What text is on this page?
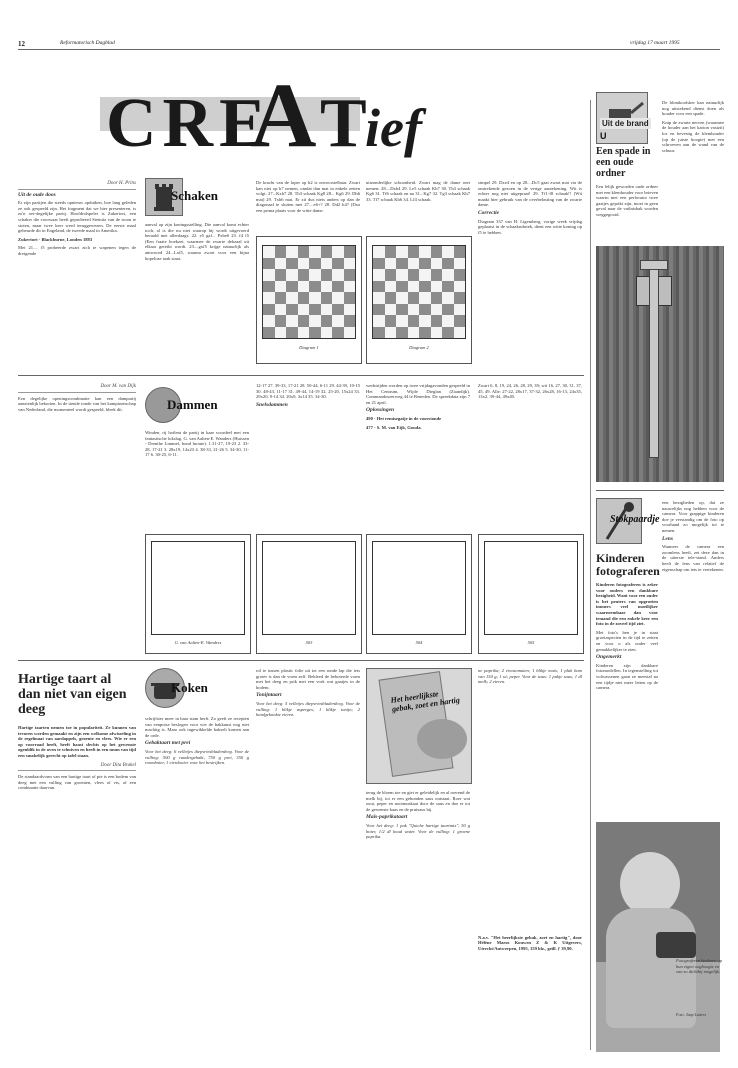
12	Reformatorisch Dagblad	vrijdag 17 maart 1995
CRE
A T
ief
Schaken
Door H. Prins
Uit de oude doos

Er zijn partijen die steeds opnieuw opduiken, hoe lang geleden ze ook gespeeld zijn. Het fragment dat we hier presenteren, is zo'n oer-degelijke partij. Hoofdrolspeler is Zukertort, een schaker die voorwaar heeft geprobeerd Steinitz van de troon te stoten, maar twee keer werd teruggewezen. De eerste maal gebeurde dit in Engeland, de tweede maal in Amerika.

Zukertort - Blackburne, Londen 1883

Met 21.... f5 probeerde zwart zich te wapenen tegen de dreigende

aanval op zijn koningsstelling. Die aanval komt echter toch, al is die nu niet waarop hij wordt uitgevoerd beraald met allerdaags. 22. e5 gaf... Pxbe6 23. f4 f5 (Een fraaie hoekzet, waarmee de zwarte dekzaal uit elkaar gereikt wordt. 23....gxf5 krijge natuurlijk als antwoord 24...Lxf5, waarna zwart voor een bijna hopeloze taak staat.
De kracht van de loper op b2 is onvoorstelbaar. Zwart kan niet op h7 nemen, omdat dan mat in enkele zetten volgt: 27...Kxh7 28. Th3 schaak Kg8 28... Kg6 29. Dh6 mat) 29. Txh6 mat. Er zit dus niets anders op dan de diagonaal te sluiten met 27....e6+? 28. Dd2 h4? (Dxa een prima plaats voor de witte dame.
uitzonderlijke schoonheid. Zwart mag de dame niet nemen: 28....Dxb4 29. Le5 schaak Kh7 30. Th3 schaak Kg6 31. Tf6 schaak en na 31...Kg7 32. Tg3 schaak Kh7 33. Tf7 schaak Kh6 34. Lf4 schaak.

simpel 29. Dxe4 en op 28....Dc5 gaat zwart mat via de omtrekende gezoen in de verige aantekening. Wit is echter nog niet uitgepraat! 29. Tf1-f8 schaak!! (Wit maakt hier gebruik van de overbelasting van de zwarte dame.

Correctie

Diagram 337 van H. Ligemberg, vorige week vrijdag geplaatst in de schaakrubriek, dient een witte koning op f5 te hebben.

Diagram 1	Diagram 2
Dammen
Door M. van Dijk

Een degelijke openingscombinatie kan een dampartij aanzienlijk bekorten. In de tiende ronde van het kampioenschap van Nederland, die momenteel wordt gespeeld, bleek dit.

Winden, rij hoilent de partij in haar voordeel met een fantastische lokslag. G. van Aalten-E. Wanders (Huissen - Drenthe Limmel, bond hroute). 1.31-27, 19-23 2. 33-28, 17-21 3. 28x19, 14x23 4. 38-33, 21-26 5. 34-30, 11-17 6. 30-25, 6-11.

12-17 27. 39-33, 17-21 28. 50-44, 6-11 29. 44-39, 10-15 30. 48-43, 11-17 31. 49-44, 14-19 32. 25-20, 15x24 33. 29x20, 9-14 34. 20x9, 3x14 35. 34-30.

Snelsdammen

wedstrijden worden op twee vrijdagavonden gespeeld in Het Centrum, Wijde Dieglan (Zaandijk). Commandoseerweg 44 te Beneden. De spreekdata zijn 7 en 21 april.

Oplossingen

490 - Het remisegatje in de voorstonde

477 - S. M. van Eijk, Gouda.

Zwart 6, 8, 19, 24, 26, 28, 29, 39; wit 16, 27, 30, 31, 37, 45, 49. Alle: 27-22, 28x17, 37-32, 26x28, 16-13, 24x35, 13x2, 39-44, 49x40.
G. van Aalten-E. Wanders	503	504	505
Koken
Hartige taart al dan niet van eigen deeg

Hartige taarten nemen toe in populariteit. Ze kunnen van tevoren worden gemaakt en zijn een welkome afwisseling in de regelmaat van aardappels, groente en vlees. Wie er een op voorraad heeft, heeft haast slechts op het gewenste ogenblik in de oven te schuiven en heeft in een mum van tijd een smakelijk gerecht op tafel staan.

Door Dita Brakel

De standaardvorm van een hartige taart of pie is een bodem van deeg met een vulling van groenten, vlees of vis, of een combinatie daarvan.

schrijfster meer in haar stam herft. Zo geeft ze recepten van eenpotse beslogen voor wie de bakkunst nog niet machtig is. Maar ook ingewikkelde bakselt komen aan de orde.

Gebaktaart met prei

Voor het deeg: 6 velletjes diepvriesbladerdeeg. Voor de vulling: 500 g rundergehakt, 750 g prei, 350 g roomboter, 1 eierdooier voor het bestrijken.

rol te tussen plastic folie uit tot een ronde lap die iets groter is dan de vorm zelf. Bekleed de beboterde vorm met het deeg en prik met een vork wat gaatjes in de bodem.

Tonijntaart

Voor het deeg: 5 velletjes diepvriesbladerdeeg. Voor de vulling: 1 blikje asperges; 1 blikje tonijn; 2 hardgekookte eieren.

Het heerlijkste gebak, zoet en hartig

terug de bloem toe en giet er geleidelijk en al roerend de melk bij, tot er een gebonden saus ontstaat. Roer wat zout, peper en nootmuskaat door de saus en doe er tot de gewenste kaas en de prutsaus bij.

Maïs-paprikataart

Voor het deeg: 1 pak "Quiche hartige taartmix", 50 g boter, 1/2 dl koud water. Voor de vulling: 1 groene paprika.

ne paprika; 2 eiwstomaten; 1 blikje maïs; 1 plak ham van 150 g; 1 ui; peper. Voor de saus: 1 pakje saus; 1 dl melk; 2 eieren.

N.a.v. "Het heerlijkste gebak, zoet en hartig", door Hélène Maros Kouwen Z & K Uitgevers, Utrecht/Antwerpen, 1995, 159 blz., geïll. ƒ 39,90.

U
Uit de brand

De blomkoolsker kan natuurlijk nog uitstekend dienst doen als houder voor een spade.

Knip de zwarte nerven (waarmee de houder aan het karton vastzit) los en bevestig de klemhouder (op de juiste hoogte) met een schroeven aan de wand van de schuur.

Een spade in een oude ordner
Een lelijk geworden oude ordner met een klemhouder voor brieven waarin met een perforator twee gaatjes geprikt zijn, moet in geen geval naar de vuilnisbak worden weggegooid.
Stokpaardje
Kinderen fotograferen

Kinderen fotograferen is zeker voor ouders een dankbare bezigheid. Want voor een ouder is het peuters van opgroeien immers veel moeilijker waarneembaar dan voor iemand die een enkele keer een foto in de zoveel tijd ziet.

Met foto's ben je in staat groeiaspecten in de tijd te zetten en voor u als ouder veel gemakkelijker te zien.

Ongemerkt

Kinderen zijn dankbare fotomodellen. In tegenstelling tot volwassenen gaan ze meestal na een tijdje niet meer letten op de camera.

een beziglieden op, dat ze nauwelijks nog hebben voor de camera. Voor grappige kinderen doe je verstandig om de foto op voorhand zo mogelijk tot te nemen.

Lens

Wanneer de camera een zoomlens heeft, zet deze dan in de uiterste tele-stand. Anders heeft de lens van relatief de eigenschap om iets te vertekenen.

Fotograferen kinderen op hun eigen ooghoogte en van zo dichtbij mogelijk.
Foto: Jaap Lutters
